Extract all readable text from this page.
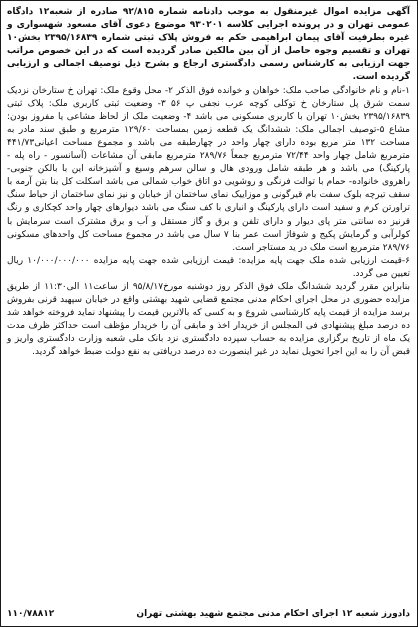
آگهی مزایده اموال غیرمنقول به موجب دادنامه شماره ۹۲/۸۱۵ صادره از شعبه۱۲ دادگاه عمومی تهران و در پرونده اجرایی کلاسه ۹۳۰۲۰۱ موضوع دعوی آقای مسعود شهسواری و غیره بطرفیت آقای پیمان ابراهیمی حکم به فروش پلاک ثبتی شماره ۲۳۹۵/۱۶۸۳۹ بخش۱۰ تهران و تقسیم وجوه حاصل از آن بین مالکین صادر گردیده است که در این خصوص مراتب جهت ارزیابی به کارشناس رسمی دادگستری ارجاع و بشرح ذیل توصیف اجمالی و ارزیابی گردیده است.

۱-نام و نام خانوادگی صاحب ملک: خواهان و خوانده فوق الذکر ۲- محل وقوع ملک: تهران خ ستارخان نزدیک سمت شرق پل ستارخان خ توکلی کوچه عرب نجفی پ ۵۶ ۳- وضعیت ثبتی کاربری ملک: پلاک ثبتی ۲۳۹۵/۱۶۸۳۹ بخش۱۰ تهران با کاربری مسکونی می باشد ۴- وضعیت ملک از لحاظ مشاعی یا مفروز بودن: مشاع ۵-توصیف اجمالی ملک: ششدانگ یک قطعه زمین بمساحت ۱۲۹/۶۰ مترمربع و طبق سند مادر به مساحت ۱۳۲ متر مربع بوده دارای چهار واحد در چهارطبقه می باشد و مجموع مساحت اعیانی۴۴۱/۷۳ مترمربع شامل چهار واحد ۷۲/۴۴ مترمربع جمعاً ۲۸۹/۷۶ مترمربع مابقی آن مشاعات (آسانسور - راه پله - پارکینگ) می باشد و هر طبقه شامل ورودی هال و سالن سرهم وسیع و آشپزخانه این با بالکن جنوبی- راهروی خانواده- حمام با توالت فرنگی و روشویی دو اتاق خواب شمالی می باشد اسکلت کل بنا بتن آرمه با سقف تیرچه بلوک سفت بام قیرگونی و موزاییک نمای ساختمان از خیابان و نیز نمای ساختمان از حیاط سنگ تراورتن کرم و سفید است دارای پارکینگ و انباری با کف سنگ می باشد دیوارهای چهار واحد کچکاری و رنگ قرنیز ده سانتی متر پای دیوار و دارای تلفن و برق و گاز مستقل و آب و برق مشترک است سرمایش با کولرآبی و گرمایش پکیج و شوفاژ است عمر بنا ۷ سال می باشد در مجموع مساحت کل واحدهای مسکونی ۲۸۹/۷۶ مترمربع است ملک در ید مستاجر است.

۶-قیمت ارزیابی شده ملک جهت پایه مزایده: قیمت ارزیابی شده جهت پایه مزایده ۱۰/۰۰۰/۰۰۰/۰۰۰ ریال تعیین می گردد.

بنابراین مقرر گردید ششدانگ ملک فوق الذکر روز دوشنبه مورخ۹۵/۸/۱۷ از ساعت۱۱ الی۱۱:۳۰ از طریق مزایده حضوری در محل اجرای احکام مدنی مجتمع قضایی شهید بهشتی واقع در خیابان سپهبد قرنی بفروش برسد مزایده از قیمت پایه کارشناسی شروع و به کسی که بالاترین قیمت را پیشنهاد نماید فروخته خواهد شد ده درصد مبلغ پیشنهادی فی المجلس از خریدار اخذ و مابقی آن را خریدار مؤظف است حداکثر ظرف مدت یک ماه از تاریخ برگزاری مزایده به حساب سپرده دادگستری نزد بانک ملی شعبه وزارت دادگستری واریز و قبض آن را به این اجرا تحویل نماید در غیر اینصورت ده درصد دریافتی به نفع دولت ضبط خواهد گردید.

دادورز شعبه ۱۲ اجرای احکام مدنی مجتمع شهید بهشتی تهران
۱۱۰/۷۸۸۱۲
